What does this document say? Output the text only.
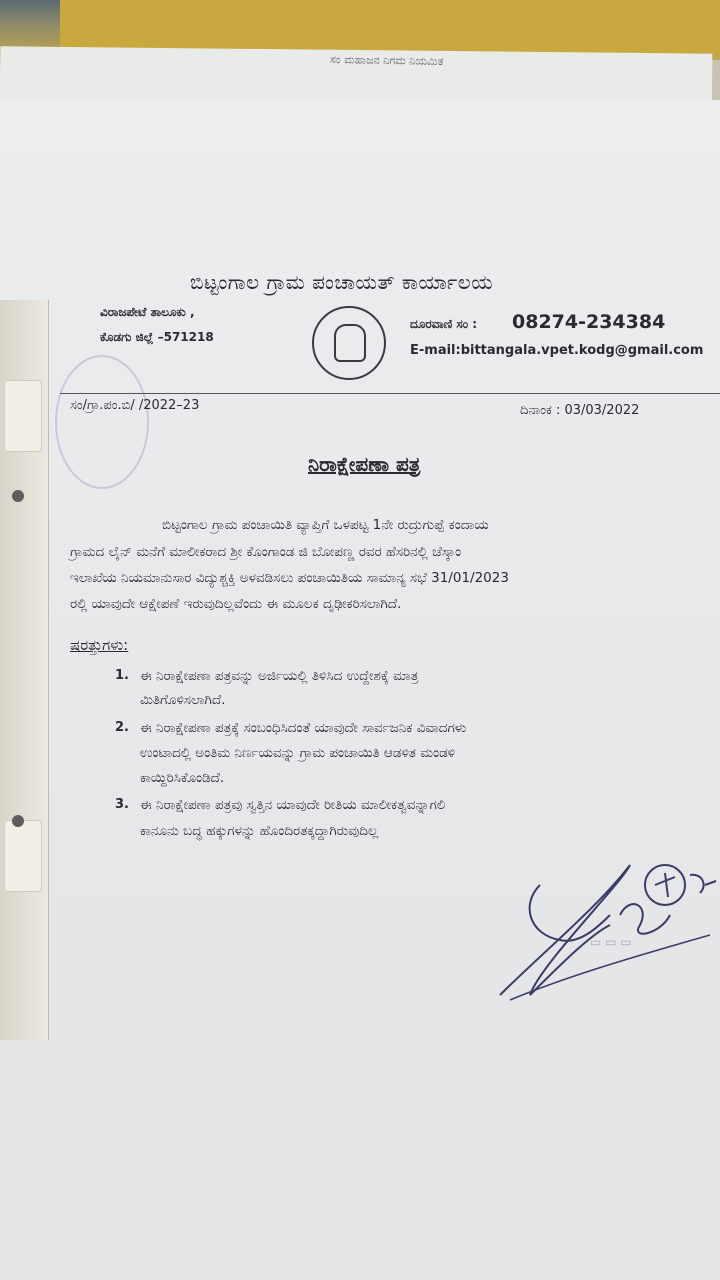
ಸಂ ಮಹಾಜನ ನಿಗಮ ನಿಯಮಿತ
ಬಿಟ್ಟಂಗಾಲ ಗ್ರಾಮ ಪಂಚಾಯತ್ ಕಾರ್ಯಾಲಯ
ವಿರಾಜಪೇಟೆ ತಾಲೂಕು ,
ಕೊಡಗು ಜಿಲ್ಲೆ –571218
ದೂರವಾಣಿ ಸಂ : 08274-234384
E-mail:bittangala.vpet.kodg@gmail.com
ಸಂ/ಗ್ರಾ.ಪಂ.ಬಿ/ /2022–23	ದಿನಾಂಕ : 03/03/2022
ನಿರಾಕ್ಷೇಪಣಾ ಪತ್ರ
ಬಿಟ್ಟಂಗಾಲ ಗ್ರಾಮ ಪಂಚಾಯಿತಿ ವ್ಯಾಪ್ತಿಗೆ ಒಳಪಟ್ಟ 1ನೇ ರುದ್ರುಗುಪ್ಪೆ ಕಂದಾಯ
ಗ್ರಾಮದ ಲೈನ್ ಮನೆಗೆ ಮಾಲೀಕರಾದ ಶ್ರೀ ಕೊಂಗಾಂಡ ಜಿ ಬೋಪಣ್ಣ ರವರ ಹೆಸರಿನಲ್ಲಿ ಚೆಸ್ಕಾಂ
ಇಲಾಖೆಯ ನಿಯಮಾನುಸಾರ ವಿದ್ಯುಶ್ಚಕ್ತಿ ಅಳವಡಿಸಲು ಪಂಚಾಯಿತಿಯ ಸಾಮಾನ್ಯ ಸಭೆ 31/01/2023
ರಲ್ಲಿ ಯಾವುದೇ ಆಕ್ಷೇಪಣೆ ಇರುವುದಿಲ್ಲವೆಂದು ಈ ಮೂಲಕ ದೃಢೀಕರಿಸಲಾಗಿದೆ.
ಷರತ್ತುಗಳು:
1. ಈ ನಿರಾಕ್ಷೇಪಣಾ ಪತ್ರವನ್ನು ಅರ್ಜಿಯಲ್ಲಿ ತಿಳಿಸಿದ ಉದ್ದೇಶಕ್ಕೆ ಮಾತ್ರ
ಮಿತಿಗೊಳಿಸಲಾಗಿದೆ.
2. ಈ ನಿರಾಕ್ಷೇಪಣಾ ಪತ್ರಕ್ಕೆ ಸಂಬಂಧಿಸಿದಂತೆ ಯಾವುದೇ ಸಾರ್ವಜನಿಕ ವಿವಾದಗಳು
ಉಂಟಾದಲ್ಲಿ ಅಂತಿಮ ನಿರ್ಣಯವನ್ನು ಗ್ರಾಮ ಪಂಚಾಯಿತಿ ಆಡಳಿತ ಮಂಡಳಿ
ಕಾಯ್ದಿರಿಸಿಕೊಂಡಿದೆ.
3. ಈ ನಿರಾಕ್ಷೇಪಣಾ ಪತ್ರವು ಸ್ವತ್ತಿನ ಯಾವುದೇ ರೀತಿಯ ಮಾಲೀಕತ್ವವನ್ನಾಗಲಿ
ಕಾನೂನು ಬದ್ಧ ಹಕ್ಕುಗಳನ್ನು ಹೊಂದಿರತಕ್ಕದ್ದಾಗಿರುವುದಿಲ್ಲ
▭ ▭ ▭
